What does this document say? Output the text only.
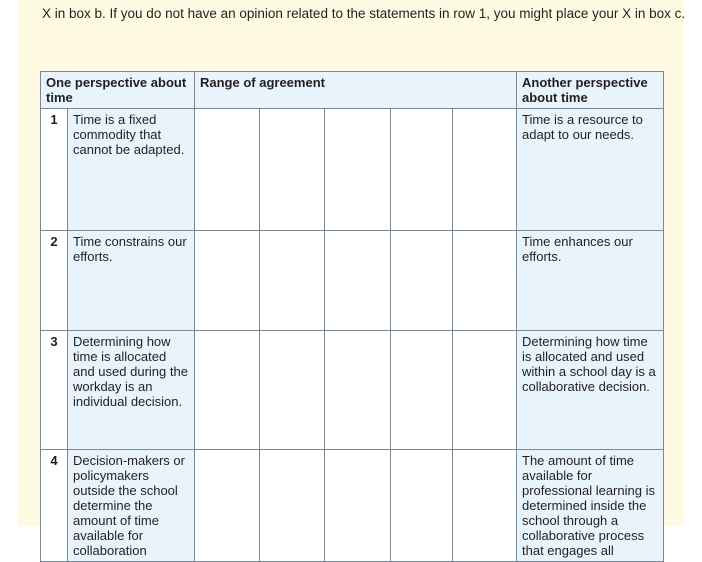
X in box b. If you do not have an opinion related to the statements in row 1, you might place your X in box c.
One perspective about time		Range of agreement					Another perspective about time
1	Time is a fixed commodity that cannot be adapted.						Time is a resource to adapt to our needs.
2	Time constrains our efforts.						Time enhances our efforts.
3	Determining how time is allocated and used during the workday is an individual decision.						Determining how time is allocated and used within a school day is a collaborative decision.
4	Decision-makers or policymakers outside the school determine the amount of time available for collaboration						The amount of time available for professional learning is determined inside the school through a collaborative process that engages all
